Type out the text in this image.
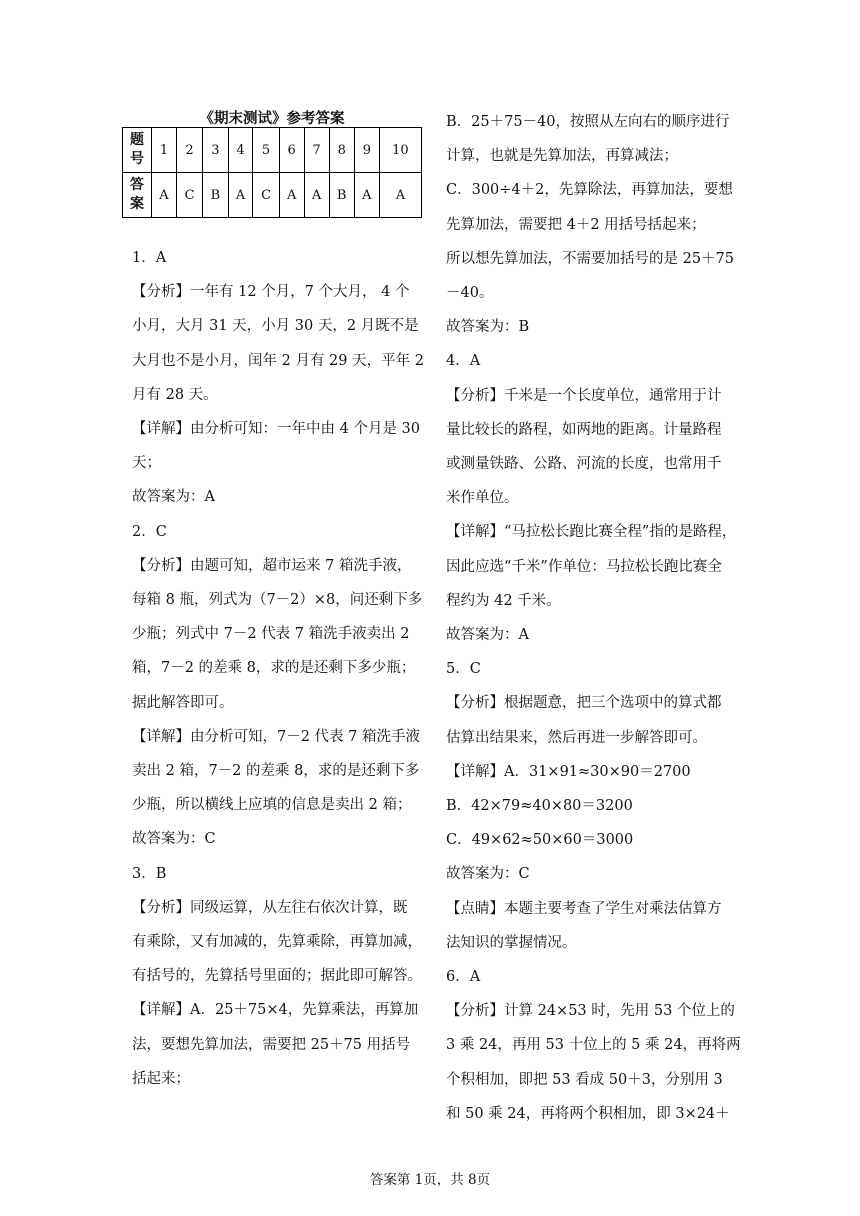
《期末测试》参考答案
题
号	1	2	3	4	5	6	7	8	9	10
答
案	A	C	B	A	C	A	A	B	A	A
1．A
【分析】一年有 12 个月，7 个大月， 4 个
小月，大月 31 天，小月 30 天，2 月既不是
大月也不是小月，闰年 2 月有 29 天，平年 2
月有 28 天。
【详解】由分析可知：一年中由 4 个月是 30
天；
故答案为：A
2．C
【分析】由题可知，超市运来 7 箱洗手液，
每箱 8 瓶，列式为（7－2）×8，问还剩下多
少瓶；列式中 7－2 代表 7 箱洗手液卖出 2
箱，7－2 的差乘 8，求的是还剩下多少瓶；
据此解答即可。
【详解】由分析可知，7－2 代表 7 箱洗手液
卖出 2 箱，7－2 的差乘 8，求的是还剩下多
少瓶，所以横线上应填的信息是卖出 2 箱；
故答案为：C
3．B
【分析】同级运算，从左往右依次计算，既
有乘除，又有加减的，先算乘除，再算加减，
有括号的，先算括号里面的；据此即可解答。
【详解】A．25＋75×4，先算乘法，再算加
法，要想先算加法，需要把 25＋75 用括号
括起来；
B．25＋75－40，按照从左向右的顺序进行
计算，也就是先算加法，再算减法；
C．300÷4＋2，先算除法，再算加法，要想
先算加法，需要把 4＋2 用括号括起来；
所以想先算加法，不需要加括号的是 25＋75
－40。
故答案为：B
4．A
【分析】千米是一个长度单位，通常用于计
量比较长的路程，如两地的距离。计量路程
或测量铁路、公路、河流的长度，也常用千
米作单位。
【详解】“马拉松长跑比赛全程”指的是路程，
因此应选“千米”作单位：马拉松长跑比赛全
程约为 42 千米。
故答案为：A
5．C
【分析】根据题意，把三个选项中的算式都
估算出结果来，然后再进一步解答即可。
【详解】A．31×91≈30×90＝2700
B．42×79≈40×80＝3200
C．49×62≈50×60＝3000
故答案为：C
【点睛】本题主要考查了学生对乘法估算方
法知识的掌握情况。
6．A
【分析】计算 24×53 时，先用 53 个位上的
3 乘 24，再用 53 十位上的 5 乘 24，再将两
个积相加，即把 53 看成 50＋3，分别用 3
和 50 乘 24，再将两个积相加，即 3×24＋
答案第 1页，共 8页
